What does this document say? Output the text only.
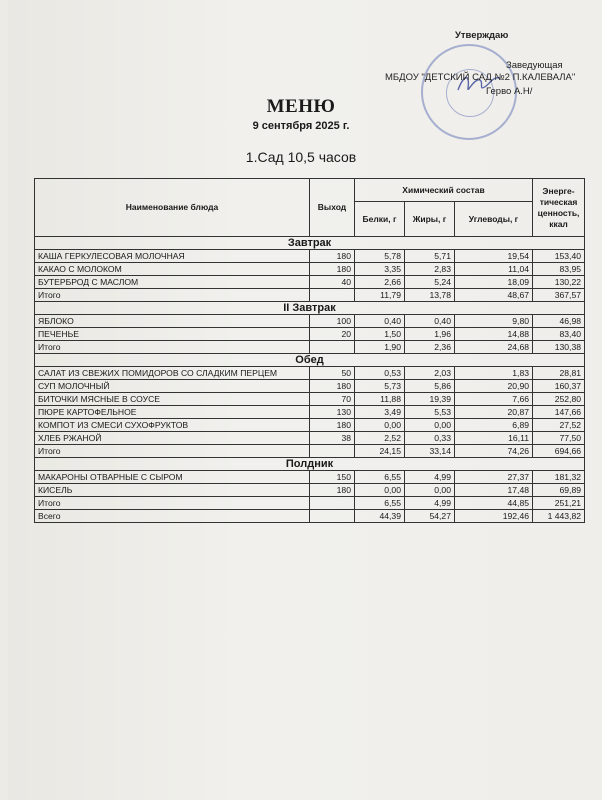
Утверждаю
Заведующая
МБДОУ "ДЕТСКИЙ САД №2 П.КАЛЕВАЛА"
Герво А.Н/
МЕНЮ
9 сентября 2025 г.
1.Сад 10,5 часов
Наименование блюда	Выход	Химический состав			Энерге-тическая ценность, ккал
		Белки, г	Жиры, г	Углеводы, г	
Завтрак					
КАША ГЕРКУЛЕСОВАЯ МОЛОЧНАЯ	180	5,78	5,71	19,54	153,40
КАКАО С МОЛОКОМ	180	3,35	2,83	11,04	83,95
БУТЕРБРОД С МАСЛОМ	40	2,66	5,24	18,09	130,22
Итого		11,79	13,78	48,67	367,57
II Завтрак					
ЯБЛОКО	100	0,40	0,40	9,80	46,98
ПЕЧЕНЬЕ	20	1,50	1,96	14,88	83,40
Итого		1,90	2,36	24,68	130,38
Обед					
САЛАТ ИЗ СВЕЖИХ ПОМИДОРОВ СО СЛАДКИМ ПЕРЦЕМ	50	0,53	2,03	1,83	28,81
СУП МОЛОЧНЫЙ	180	5,73	5,86	20,90	160,37
БИТОЧКИ МЯСНЫЕ В СОУСЕ	70	11,88	19,39	7,66	252,80
ПЮРЕ КАРТОФЕЛЬНОЕ	130	3,49	5,53	20,87	147,66
КОМПОТ ИЗ СМЕСИ СУХОФРУКТОВ	180	0,00	0,00	6,89	27,52
ХЛЕБ РЖАНОЙ	38	2,52	0,33	16,11	77,50
Итого		24,15	33,14	74,26	694,66
Полдник					
МАКАРОНЫ ОТВАРНЫЕ С СЫРОМ	150	6,55	4,99	27,37	181,32
КИСЕЛЬ	180	0,00	0,00	17,48	69,89
Итого		6,55	4,99	44,85	251,21
Всего		44,39	54,27	192,46	1 443,82
